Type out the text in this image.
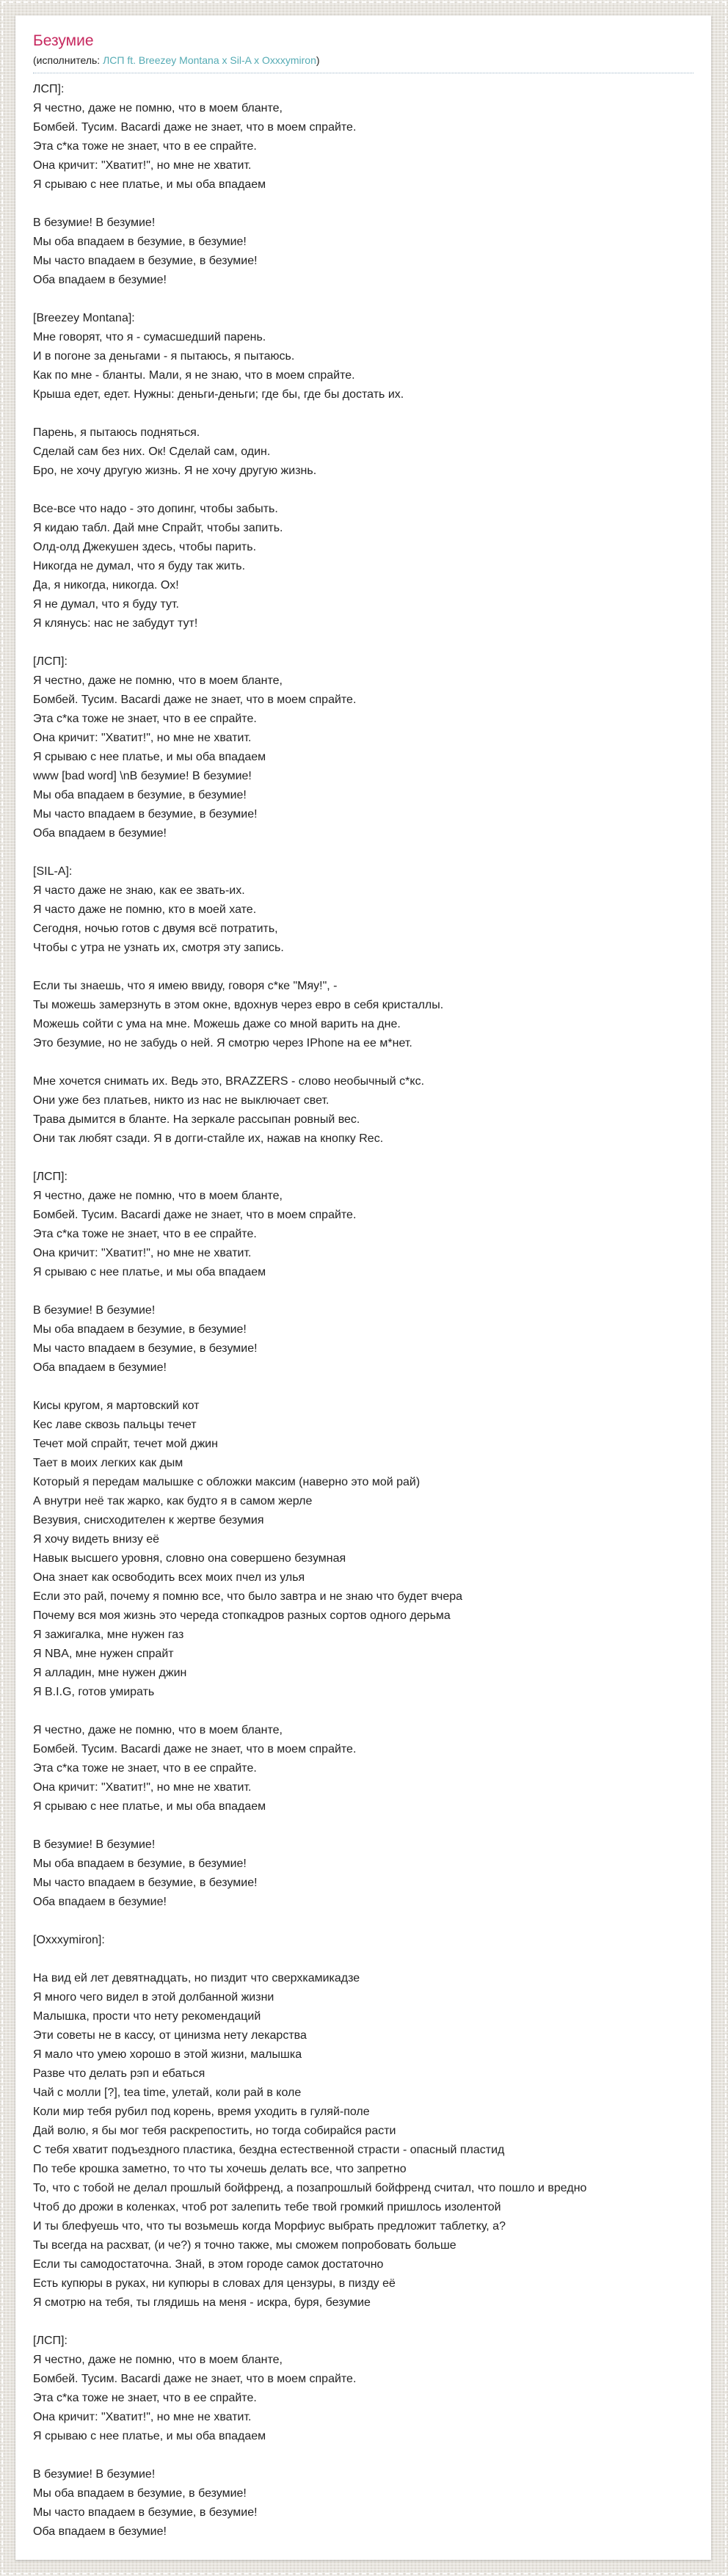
Безумие
(исполнитель: ЛСП ft. Breezey Montana x Sil-A x Oxxxymiron)

ЛСП]:
Я честно, даже не помню, что в моем бланте,
Бомбей. Тусим. Bacardi даже не знает, что в моем спрайте.
Эта с*ка тоже не знает, что в ее спрайте.
Она кричит: "Хватит!", но мне не хватит.
Я срываю с нее платье, и мы оба впадаем

В безумие! В безумие!
Мы оба впадаем в безумие, в безумие!
Мы часто впадаем в безумие, в безумие!
Оба впадаем в безумие!

[Breezey Montana]:
Мне говорят, что я - сумасшедший парень.
И в погоне за деньгами - я пытаюсь, я пытаюсь.
Как по мне - бланты. Мали, я не знаю, что в моем спрайте.
Крыша едет, едет. Нужны: деньги-деньги; где бы, где бы достать их.

Парень, я пытаюсь подняться.
Сделай сам без них. Ок! Сделай сам, один.
Бро, не хочу другую жизнь. Я не хочу другую жизнь.

Все-все что надо - это допинг, чтобы забыть.
Я кидаю табл. Дай мне Спрайт, чтобы запить.
Олд-олд Джекушен здесь, чтобы парить.
Никогда не думал, что я буду так жить.
Да, я никогда, никогда. Ох!
Я не думал, что я буду тут.
Я клянусь: нас не забудут тут!

[ЛСП]:
Я честно, даже не помню, что в моем бланте,
Бомбей. Тусим. Bacardi даже не знает, что в моем спрайте.
Эта с*ка тоже не знает, что в ее спрайте.
Она кричит: "Хватит!", но мне не хватит.
Я срываю с нее платье, и мы оба впадаем
www [bad word] \nВ безумие! В безумие!
Мы оба впадаем в безумие, в безумие!
Мы часто впадаем в безумие, в безумие!
Оба впадаем в безумие!

[SIL-A]:
Я часто даже не знаю, как ее звать-их.
Я часто даже не помню, кто в моей хате.
Сегодня, ночью готов с двумя всё потратить,
Чтобы с утра не узнать их, смотря эту запись.

Если ты знаешь, что я имею ввиду, говоря с*ке "Мяу!", -
Ты можешь замерзнуть в этом окне, вдохнув через евро в себя кристаллы.
Можешь сойти с ума на мне. Можешь даже со мной варить на дне.
Это безумие, но не забудь о ней. Я смотрю через IPhone на ее м*нет.

Мне хочется снимать их. Ведь это, BRAZZERS - слово необычный с*кс.
Они уже без платьев, никто из нас не выключает свет.
Трава дымится в бланте. На зеркале рассыпан ровный вес.
Они так любят сзади. Я в догги-стайле их, нажав на кнопку Rec.

[ЛСП]:
Я честно, даже не помню, что в моем бланте,
Бомбей. Тусим. Bacardi даже не знает, что в моем спрайте.
Эта с*ка тоже не знает, что в ее спрайте.
Она кричит: "Хватит!", но мне не хватит.
Я срываю с нее платье, и мы оба впадаем

В безумие! В безумие!
Мы оба впадаем в безумие, в безумие!
Мы часто впадаем в безумие, в безумие!
Оба впадаем в безумие!

Кисы кругом, я мартовский кот
Кес лаве сквозь пальцы течет
Течет мой спрайт, течет мой джин
Тает в моих легких как дым
Который я передам малышке с обложки максим (наверно это мой рай)
А внутри неё так жарко, как будто я в самом жерле
Везувия, снисходителен к жертве безумия
Я хочу видеть внизу её
Навык высшего уровня, словно она совершено безумная
Она знает как освободить всех моих пчел из улья
Если это рай, почему я помню все, что было завтра и не знаю что будет вчера
Почему вся моя жизнь это череда стопкадров разных сортов одного дерьма
Я зажигалка, мне нужен газ
Я NBA, мне нужен спрайт
Я алладин, мне нужен джин
Я B.I.G, готов умирать

Я честно, даже не помню, что в моем бланте,
Бомбей. Тусим. Bacardi даже не знает, что в моем спрайте.
Эта с*ка тоже не знает, что в ее спрайте.
Она кричит: "Хватит!", но мне не хватит.
Я срываю с нее платье, и мы оба впадаем

В безумие! В безумие!
Мы оба впадаем в безумие, в безумие!
Мы часто впадаем в безумие, в безумие!
Оба впадаем в безумие!

[Oxxxymiron]:

На вид ей лет девятнадцать, но пиздит что сверхкамикадзе
Я много чего видел в этой долбанной жизни
Малышка, прости что нету рекомендаций
Эти советы не в кассу, от цинизма нету лекарства
Я мало что умею хорошо в этой жизни, малышка
Разве что делать рэп и ебаться
Чай с молли [?], tea time, улетай, коли рай в коле
Коли мир тебя рубил под корень, время уходить в гуляй-поле
Дай волю, я бы мог тебя раскрепостить, но тогда собирайся расти
С тебя хватит подъездного пластика, бездна естественной страсти - опасный пластид
По тебе крошка заметно, то что ты хочешь делать все, что запретно
То, что с тобой не делал прошлый бойфренд, а позапрошлый бойфренд считал, что пошло и вредно
Чтоб до дрожи в коленках, чтоб рот залепить тебе твой громкий пришлось изолентой
И ты блефуешь что, что ты возьмешь когда Морфиус выбрать предложит таблетку, а?
Ты всегда на расхват, (и че?) я точно также, мы сможем попробовать больше
Если ты самодостаточна. Знай, в этом городе самок достаточно
Есть купюры в руках, ни купюры в словах для цензуры, в пизду её
Я смотрю на тебя, ты глядишь на меня - искра, буря, безумие

[ЛСП]:
Я честно, даже не помню, что в моем бланте,
Бомбей. Тусим. Bacardi даже не знает, что в моем спрайте.
Эта с*ка тоже не знает, что в ее спрайте.
Она кричит: "Хватит!", но мне не хватит.
Я срываю с нее платье, и мы оба впадаем

В безумие! В безумие!
Мы оба впадаем в безумие, в безумие!
Мы часто впадаем в безумие, в безумие!
Оба впадаем в безумие!
